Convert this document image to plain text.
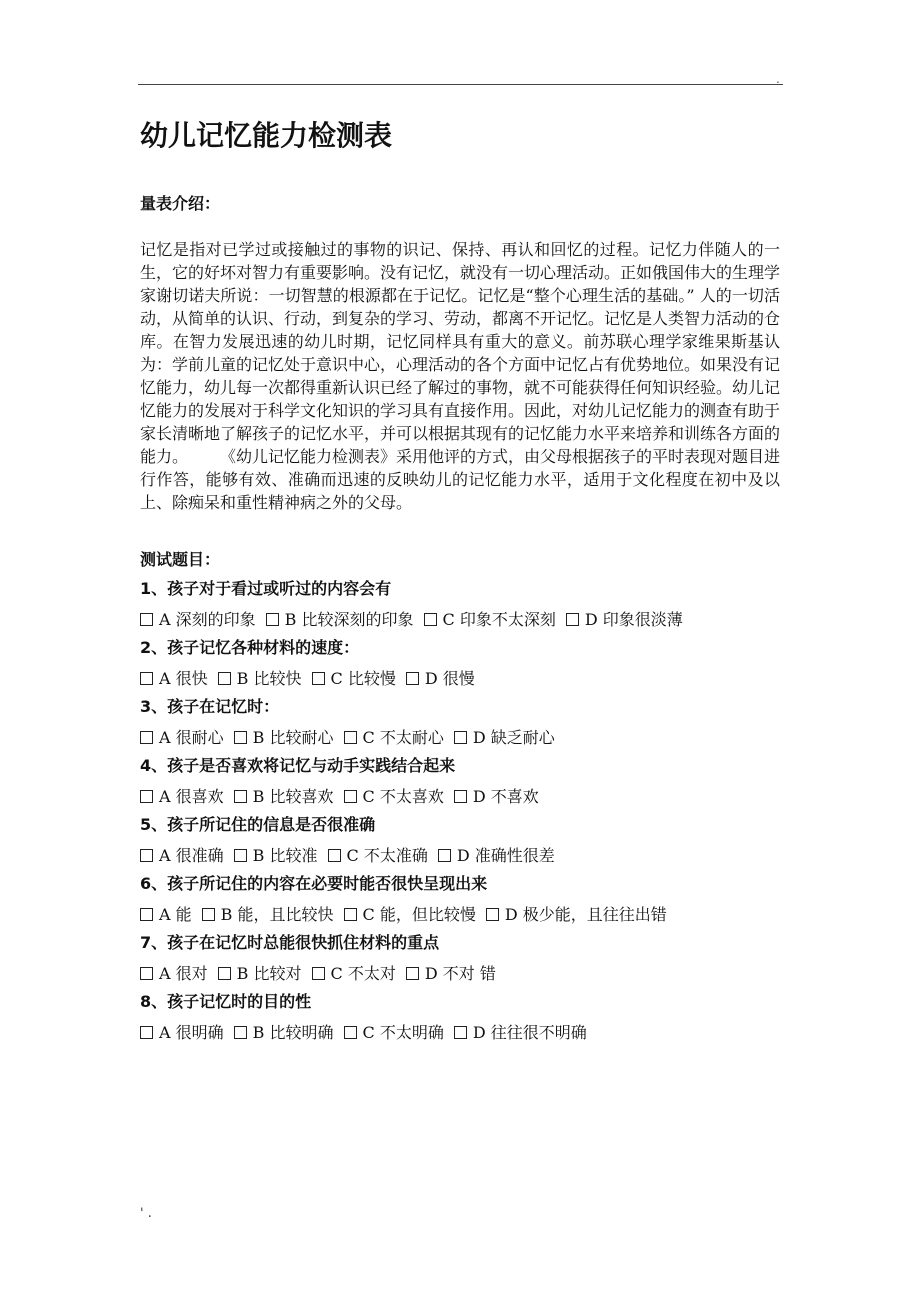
.
幼儿记忆能力检测表
量表介绍：
记忆是指对已学过或接触过的事物的识记、保持、再认和回忆的过程。记忆力伴随人的一生，它的好坏对智力有重要影响。没有记忆，就没有一切心理活动。正如俄国伟大的生理学家谢切诺夫所说：一切智慧的根源都在于记忆。记忆是“整个心理生活的基础。” 人的一切活动，从简单的认识、行动，到复杂的学习、劳动，都离不开记忆。记忆是人类智力活动的仓库。在智力发展迅速的幼儿时期，记忆同样具有重大的意义。前苏联心理学家维果斯基认为：学前儿童的记忆处于意识中心，心理活动的各个方面中记忆占有优势地位。如果没有记忆能力，幼儿每一次都得重新认识已经了解过的事物，就不可能获得任何知识经验。幼儿记忆能力的发展对于科学文化知识的学习具有直接作用。因此，对幼儿记忆能力的测查有助于家长清晰地了解孩子的记忆水平，并可以根据其现有的记忆能力水平来培养和训练各方面的能力。　　　《幼儿记忆能力检测表》采用他评的方式，由父母根据孩子的平时表现对题目进行作答，能够有效、准确而迅速的反映幼儿的记忆能力水平，适用于文化程度在初中及以上、除痴呆和重性精神病之外的父母。
测试题目：
1、孩子对于看过或听过的内容会有
A 深刻的印象 B 比较深刻的印象 C 印象不太深刻 D 印象很淡薄
2、孩子记忆各种材料的速度：
A 很快 B 比较快 C 比较慢 D 很慢
3、孩子在记忆时：
A 很耐心 B 比较耐心 C 不太耐心 D 缺乏耐心
4、孩子是否喜欢将记忆与动手实践结合起来
A 很喜欢 B 比较喜欢 C 不太喜欢 D 不喜欢
5、孩子所记住的信息是否很准确
A 很准确 B 比较准 C 不太准确 D 准确性很差
6、孩子所记住的内容在必要时能否很快呈现出来
A 能 B 能，且比较快 C 能，但比较慢 D 极少能，且往往出错
7、孩子在记忆时总能很快抓住材料的重点
A 很对 B 比较对 C 不太对 D 不对 错
8、孩子记忆时的目的性
A 很明确 B 比较明确 C 不太明确 D 往往很不明确
' .
